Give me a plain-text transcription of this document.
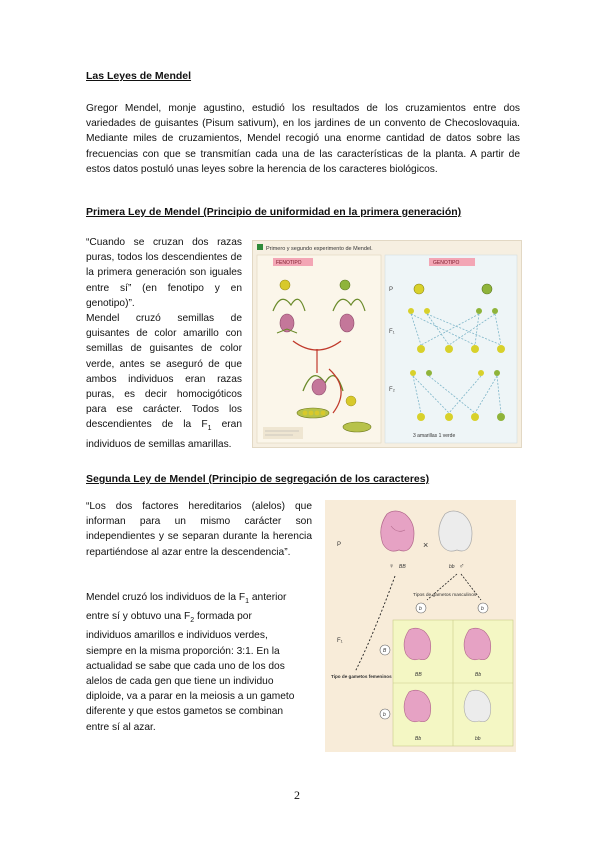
Las Leyes de Mendel

Gregor Mendel, monje agustino, estudió los resultados de los cruzamientos entre dos variedades de guisantes (Pisum sativum), en los jardines de un convento de Checoslovaquia. Mediante miles de cruzamientos, Mendel recogió una enorme cantidad de datos sobre las frecuencias con que se transmitían cada una de las características de la planta. A partir de estos datos postuló unas leyes sobre la herencia de los caracteres biológicos.

Primera Ley de Mendel (Principio de uniformidad en la primera generación)

“Cuando se cruzan dos razas puras, todos los descendientes de la primera generación son iguales entre sí” (en fenotipo y en genotipo)”.

Mendel cruzó semillas de guisantes de color amarillo con semillas de guisantes de color verde, antes se aseguró de que ambos individuos eran razas puras, es decir homocigóticos para ese carácter. Todos los descendientes de la $F_1$ eran individuos de semillas amarillas.

Primero y segundo experimento de Mendel.
FENOTIPO	GENOTIPO
P
F₁
F₂
3 amarillas 1 verde
Segunda Ley de Mendel (Principio de segregación de los caracteres)

“Los dos factores hereditarios (alelos) que informan para un mismo carácter son independientes y se separan durante la herencia repartiéndose al azar entre la descendencia”.

Mendel cruzó los individuos de la $F_1$ anterior
entre sí y obtuvo una $F_2$ formada por
individuos amarillos e individuos verdes,
siempre en la misma proporción: 3:1. En la
actualidad se sabe que cada uno de los dos
alelos de cada gen que tiene un individuo
diploide, va a parar en la meiosis a un gameto
diferente y que estos gametos se combinan
entre sí al azar.
P
F₁
×
♀ BB	bb ♂
Tipos de gametos masculinos
b	b
B
b
BB	Bb
Bb	bb
Tipo de gametos femeninos
2
